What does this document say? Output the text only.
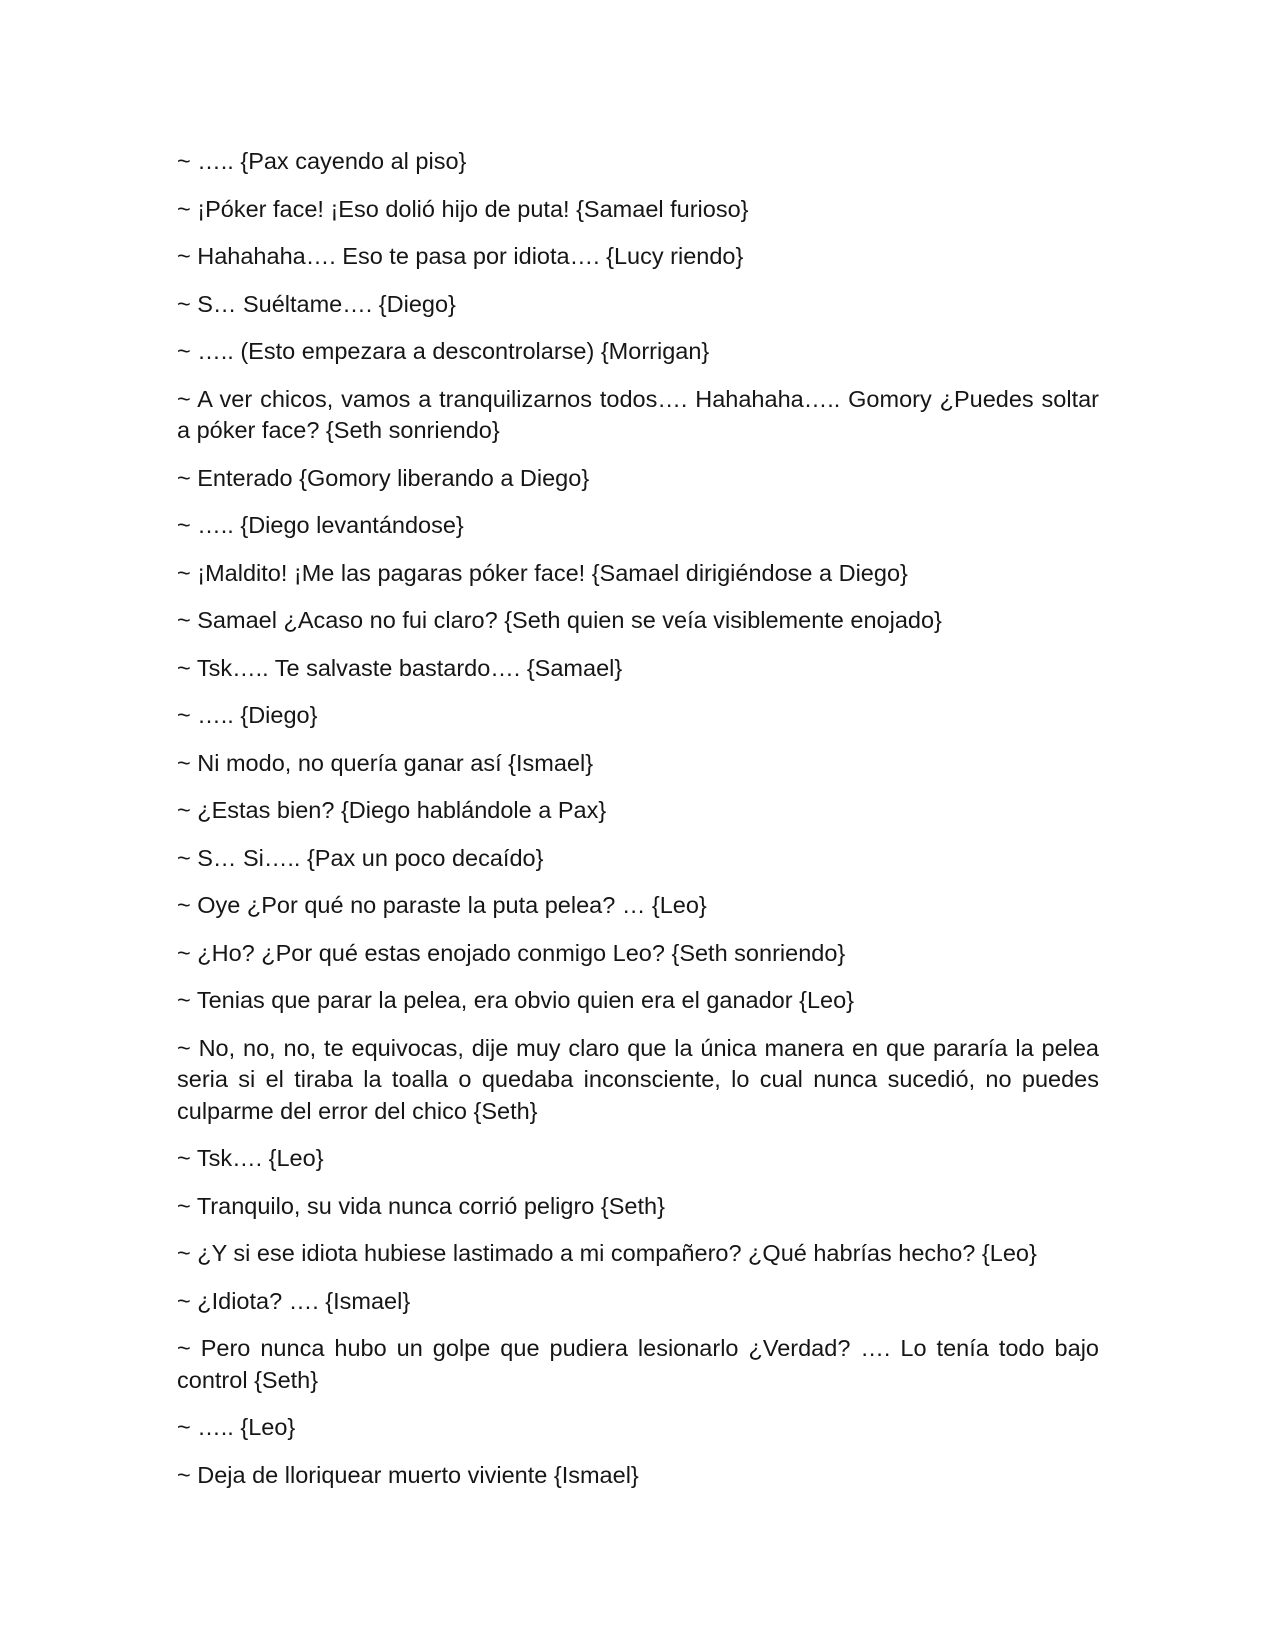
~ ….. {Pax cayendo al piso}

~ ¡Póker face! ¡Eso dolió hijo de puta! {Samael furioso}

~ Hahahaha…. Eso te pasa por idiota…. {Lucy riendo}

~ S… Suéltame…. {Diego}

~ ….. (Esto empezara a descontrolarse) {Morrigan}

~ A ver chicos, vamos a tranquilizarnos todos…. Hahahaha….. Gomory ¿Puedes soltar a póker face? {Seth sonriendo}

~ Enterado {Gomory liberando a Diego}

~ ….. {Diego levantándose}

~ ¡Maldito! ¡Me las pagaras póker face! {Samael dirigiéndose a Diego}

~ Samael ¿Acaso no fui claro? {Seth quien se veía visiblemente enojado}

~ Tsk….. Te salvaste bastardo…. {Samael}

~ ….. {Diego}

~ Ni modo, no quería ganar así {Ismael}

~ ¿Estas bien? {Diego hablándole a Pax}

~ S… Si….. {Pax un poco decaído}

~ Oye ¿Por qué no paraste la puta pelea? … {Leo}

~ ¿Ho? ¿Por qué estas enojado conmigo Leo? {Seth sonriendo}

~ Tenias que parar la pelea, era obvio quien era el ganador {Leo}

~ No, no, no, te equivocas, dije muy claro que la única manera en que pararía la pelea seria si el tiraba la toalla o quedaba inconsciente, lo cual nunca sucedió, no puedes culparme del error del chico {Seth}

~ Tsk…. {Leo}

~ Tranquilo, su vida nunca corrió peligro {Seth}

~ ¿Y si ese idiota hubiese lastimado a mi compañero? ¿Qué habrías hecho? {Leo}

~ ¿Idiota? …. {Ismael}

~ Pero nunca hubo un golpe que pudiera lesionarlo ¿Verdad? …. Lo tenía todo bajo control {Seth}

~ ….. {Leo}

~ Deja de lloriquear muerto viviente {Ismael}
